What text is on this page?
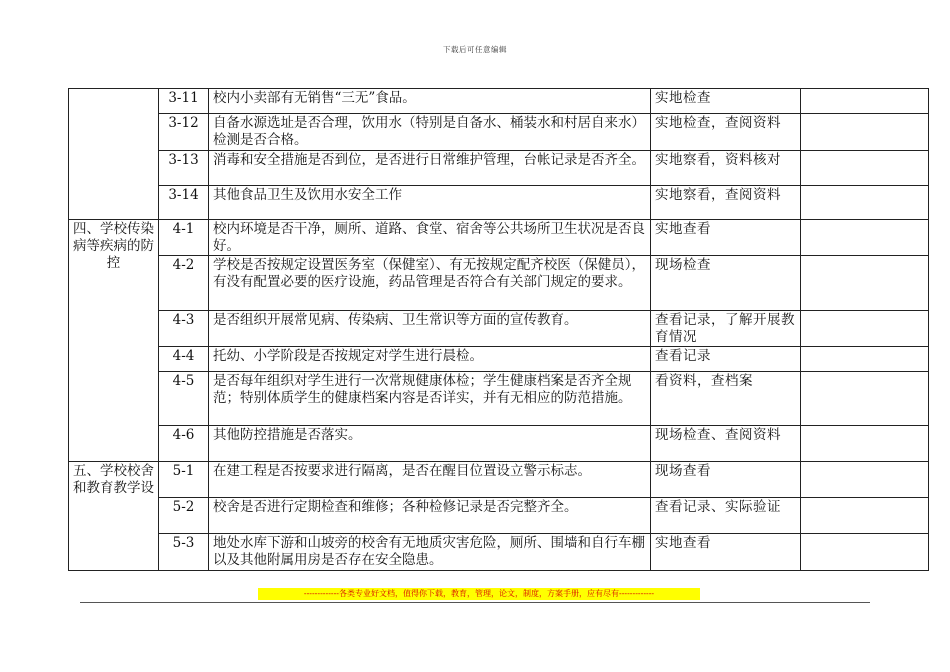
下载后可任意编辑
	3-11	校内小卖部有无销售“三无”食品。	实地检查	
	3-12	自备水源选址是否合理，饮用水（特别是自备水、桶装水和村居自来水）检测是否合格。	实地检查，查阅资料	
	3-13	消毒和安全措施是否到位，是否进行日常维护管理，台帐记录是否齐全。	实地察看，资料核对	
	3-14	其他食品卫生及饮用水安全工作	实地察看，查阅资料	
四、学校传染病等疾病的防控	4-1	校内环境是否干净，厕所、道路、食堂、宿舍等公共场所卫生状况是否良好。	实地查看	
	4-2	学校是否按规定设置医务室（保健室）、有无按规定配齐校医（保健员），有没有配置必要的医疗设施，药品管理是否符合有关部门规定的要求。	现场检查	
	4-3	是否组织开展常见病、传染病、卫生常识等方面的宣传教育。	查看记录，了解开展教育情况	
	4-4	托幼、小学阶段是否按规定对学生进行晨检。	查看记录	
	4-5	是否每年组织对学生进行一次常规健康体检；学生健康档案是否齐全规范；特别体质学生的健康档案内容是否详实，并有无相应的防范措施。	看资料，查档案	
	4-6	其他防控措施是否落实。	现场检查、查阅资料	
五、学校校舍和教育教学设	5-1	在建工程是否按要求进行隔离，是否在醒目位置设立警示标志。	现场查看	
	5-2	校舍是否进行定期检查和维修；各种检修记录是否完整齐全。	查看记录、实际验证	
	5-3	地处水库下游和山坡旁的校舍有无地质灾害危险，厕所、围墙和自行车棚以及其他附属用房是否存在安全隐患。	实地查看	
-------------各类专业好文档，值得你下载，教育，管理，论文，制度，方案手册，应有尽有-------------
